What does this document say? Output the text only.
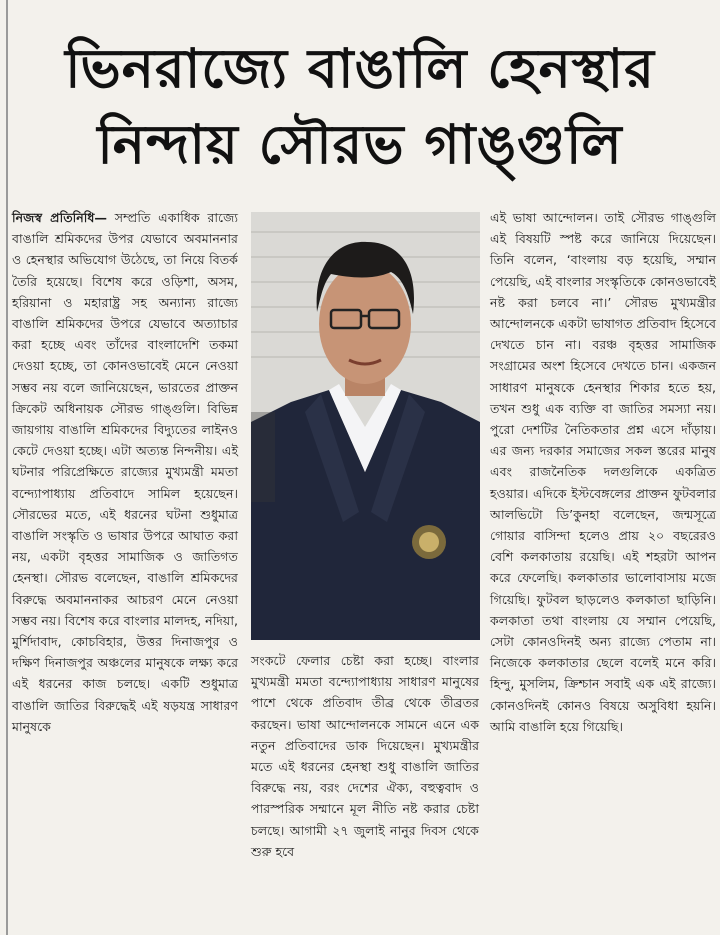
ভিনরাজ্যে বাঙালি হেনস্থার
নিন্দায় সৌরভ গাঙ্গুলি

নিজস্ব প্রতিনিধি— সম্প্রতি একাধিক রাজ্যে বাঙালি শ্রমিকদের উপর যেভাবে অবমাননার ও হেনস্থার অভিযোগ উঠেছে, তা নিয়ে বিতর্ক তৈরি হয়েছে। বিশেষ করে ওড়িশা, অসম, হরিয়ানা ও মহারাষ্ট্র সহ অন্যান্য রাজ্যে বাঙালি শ্রমিকদের উপরে যেভাবে অত্যাচার করা হচ্ছে এবং তাঁদের বাংলাদেশি তকমা দেওয়া হচ্ছে, তা কোনওভাবেই মেনে নেওয়া সম্ভব নয় বলে জানিয়েছেন, ভারতের প্রাক্তন ক্রিকেট অধিনায়ক সৌরভ গাঙ্গুলি। বিভিন্ন জায়গায় বাঙালি শ্রমিকদের বিদ্যুতের লাইনও কেটে দেওয়া হচ্ছে। এটা অত্যন্ত নিন্দনীয়। এই ঘটনার পরিপ্রেক্ষিতে রাজ্যের মুখ্যমন্ত্রী মমতা বন্দ্যোপাধ্যায় প্রতিবাদে সামিল হয়েছেন। সৌরভের মতে, এই ধরনের ঘটনা শুধুমাত্র বাঙালি সংস্কৃতি ও ভাষার উপরে আঘাত করা নয়, একটা বৃহত্তর সামাজিক ও জাতিগত হেনস্থা। সৌরভ বলেছেন, বাঙালি শ্রমিকদের বিরুদ্ধে অবমাননাকর আচরণ মেনে নেওয়া সম্ভব নয়। বিশেষ করে বাংলার মালদহ, নদিয়া, মুর্শিদাবাদ, কোচবিহার, উত্তর দিনাজপুর ও দক্ষিণ দিনাজপুর অঞ্চলের মানুষকে লক্ষ্য করে এই ধরনের কাজ চলছে। একটি শুধুমাত্র বাঙালি জাতির বিরুদ্ধেই এই ষড়যন্ত্র সাধারণ মানুষকে

সংকটে ফেলার চেষ্টা করা হচ্ছে। বাংলার মুখ্যমন্ত্রী মমতা বন্দ্যোপাধ্যায় সাধারণ মানুষের পাশে থেকে প্রতিবাদ তীব্র থেকে তীব্রতর করছেন। ভাষা আন্দোলনকে সামনে এনে এক নতুন প্রতিবাদের ডাক দিয়েছেন। মুখ্যমন্ত্রীর মতে এই ধরনের হেনস্থা শুধু বাঙালি জাতির বিরুদ্ধে নয়, বরং দেশের ঐক্য, বহুত্ববাদ ও পারস্পরিক সম্মানে মূল নীতি নষ্ট করার চেষ্টা চলছে। আগামী ২৭ জুলাই নানুর দিবস থেকে শুরু হবে

এই ভাষা আন্দোলন। তাই সৌরভ গাঙ্গুলি এই বিষয়টি স্পষ্ট করে জানিয়ে দিয়েছেন। তিনি বলেন, ‘বাংলায় বড় হয়েছি, সম্মান পেয়েছি, এই বাংলার সংস্কৃতিকে কোনওভাবেই নষ্ট করা চলবে না।’ সৌরভ মুখ্যমন্ত্রীর আন্দোলনকে একটা ভাষাগত প্রতিবাদ হিসেবে দেখতে চান না। বরঞ্চ বৃহত্তর সামাজিক সংগ্রামের অংশ হিসেবে দেখতে চান। একজন সাধারণ মানুষকে হেনস্থার শিকার হতে হয়, তখন শুধু এক ব্যক্তি বা জাতির সমস্যা নয়। পুরো দেশটির নৈতিকতার প্রশ্ন এসে দাঁড়ায়। এর জন্য দরকার সমাজের সকল স্তরের মানুষ এবং রাজনৈতিক দলগুলিকে একত্রিত হওয়ার। এদিকে ইস্টবেঙ্গলের প্রাক্তন ফুটবলার আলভিটো ডি’কুনহা বলেছেন, জন্মসূত্রে গোয়ার বাসিন্দা হলেও প্রায় ২০ বছরেরও বেশি কলকাতায় রয়েছি। এই শহরটা আপন করে ফেলেছি। কলকাতার ভালোবাসায় মজে গিয়েছি। ফুটবল ছাড়লেও কলকাতা ছাড়িনি। কলকাতা তথা বাংলায় যে সম্মান পেয়েছি, সেটা কোনওদিনই অন্য রাজ্যে পেতাম না। নিজেকে কলকাতার ছেলে বলেই মনে করি। হিন্দু, মুসলিম, ক্রিশ্চান সবাই এক এই রাজ্যে। কোনওদিনই কোনও বিষয়ে অসুবিধা হয়নি। আমি বাঙালি হয়ে গিয়েছি।
